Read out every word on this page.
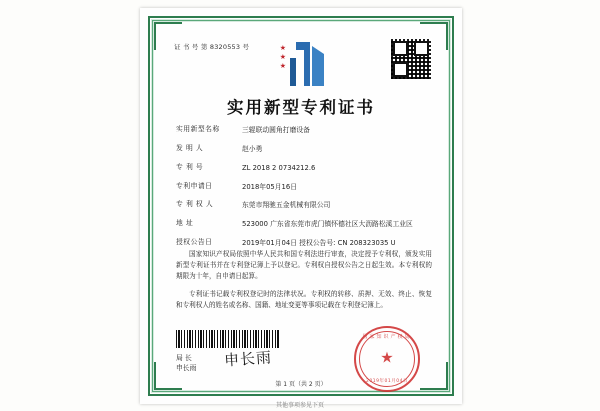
证 书 号 第 8320553 号	★
★
★
实用新型专利证书
实用新型名称	三辊联动圆角打磨设备
发 明 人	赵小勇
专 利 号	ZL 2018 2 0734212.6
专利申请日	2018年05月16日
专 利 权 人	东莞市翔驰五金机械有限公司
地 址	523000 广东省东莞市虎门镇怀德社区大沥路松溪工业区
授权公告日	2019年01月04日 授权公告号: CN 208323035 U

国家知识产权局依照中华人民共和国专利法进行审查，决定授予专利权，颁发实用新型专利证书并在专利登记簿上予以登记。专利权自授权公告之日起生效。本专利权的期限为十年，自申请日起算。

专利证书记载专利权登记时的法律状况。专利权的转移、质押、无效、终止、恢复和专利权人的姓名或名称、国籍、地址变更等事项记载在专利登记簿上。

局 长
申长雨 申长雨
国家知识产权局
★
2019年01月04日
第 1 页（共 2 页）
其他事项参见下页
